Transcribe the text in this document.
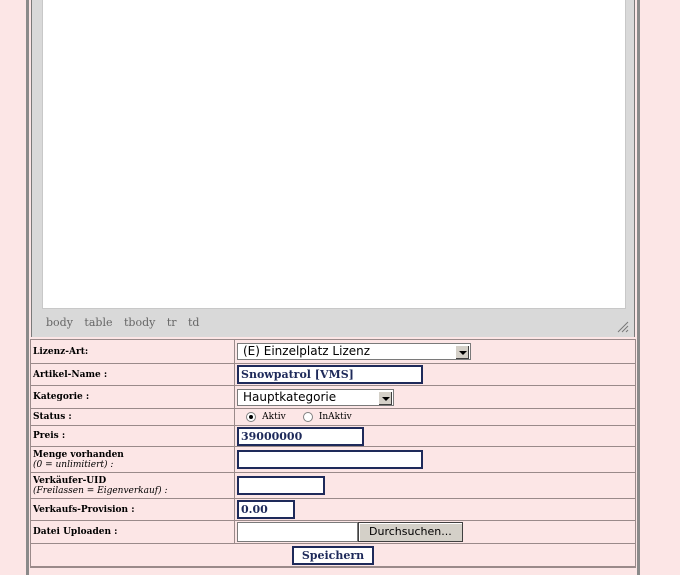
body table tbody tr td
Lizenz-Art:	(E) Einzelplatz Lizenz

Artikel-Name :	Snowpatrol [VMS]
Kategorie :	Hauptkategorie

Status :	Aktiv InAktiv
Preis :	39000000

Menge vorhanden
(0 = unlimitiert) :	

Verkäufer-UID
(Freilassen = Eigenverkauf) :	

Verkaufs-Provision :	0.00
Datei Uploaden :	Durchsuchen...
Speichern	
